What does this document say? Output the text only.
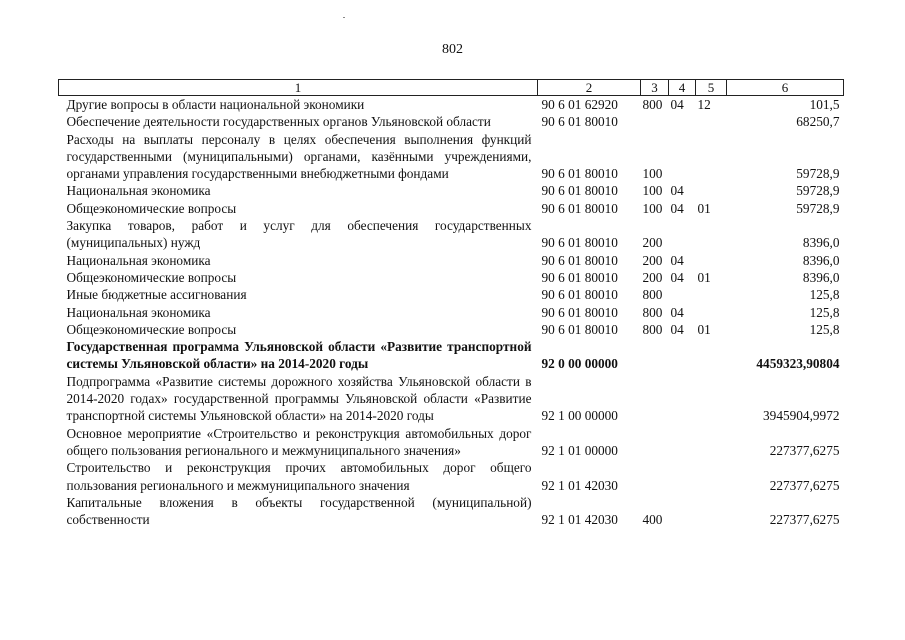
802
1	2	3	4	5	6
Другие вопросы в области национальной экономики	90 6 01 62920	800	04	12	101,5
Обеспечение деятельности государственных органов Ульяновской области	90 6 01 80010				68250,7
Расходы на выплаты персоналу в целях обеспечения выполнения функций государственными (муниципальными) органами, казёнными учреждениями, органами управления государственными внебюджетными фондами	90 6 01 80010	100			59728,9
Национальная экономика	90 6 01 80010	100	04		59728,9
Общеэкономические вопросы	90 6 01 80010	100	04	01	59728,9
Закупка товаров, работ и услуг для обеспечения государственных (муниципальных) нужд	90 6 01 80010	200			8396,0
Национальная экономика	90 6 01 80010	200	04		8396,0
Общеэкономические вопросы	90 6 01 80010	200	04	01	8396,0
Иные бюджетные ассигнования	90 6 01 80010	800			125,8
Национальная экономика	90 6 01 80010	800	04		125,8
Общеэкономические вопросы	90 6 01 80010	800	04	01	125,8
Государственная программа Ульяновской области «Развитие транспортной системы Ульяновской области» на 2014-2020 годы	92 0 00 00000				4459323,90804
Подпрограмма «Развитие системы дорожного хозяйства Ульяновской области в 2014-2020 годах» государственной программы Ульяновской области «Развитие транспортной системы Ульяновской области» на 2014-2020 годы	92 1 00 00000				3945904,9972
Основное мероприятие «Строительство и реконструкция автомобильных дорог общего пользования регионального и межмуниципального значения»	92 1 01 00000				227377,6275
Строительство и реконструкция прочих автомобильных дорог общего пользования регионального и межмуниципального значения	92 1 01 42030				227377,6275
Капитальные вложения в объекты государственной (муниципальной) собственности	92 1 01 42030	400			227377,6275
